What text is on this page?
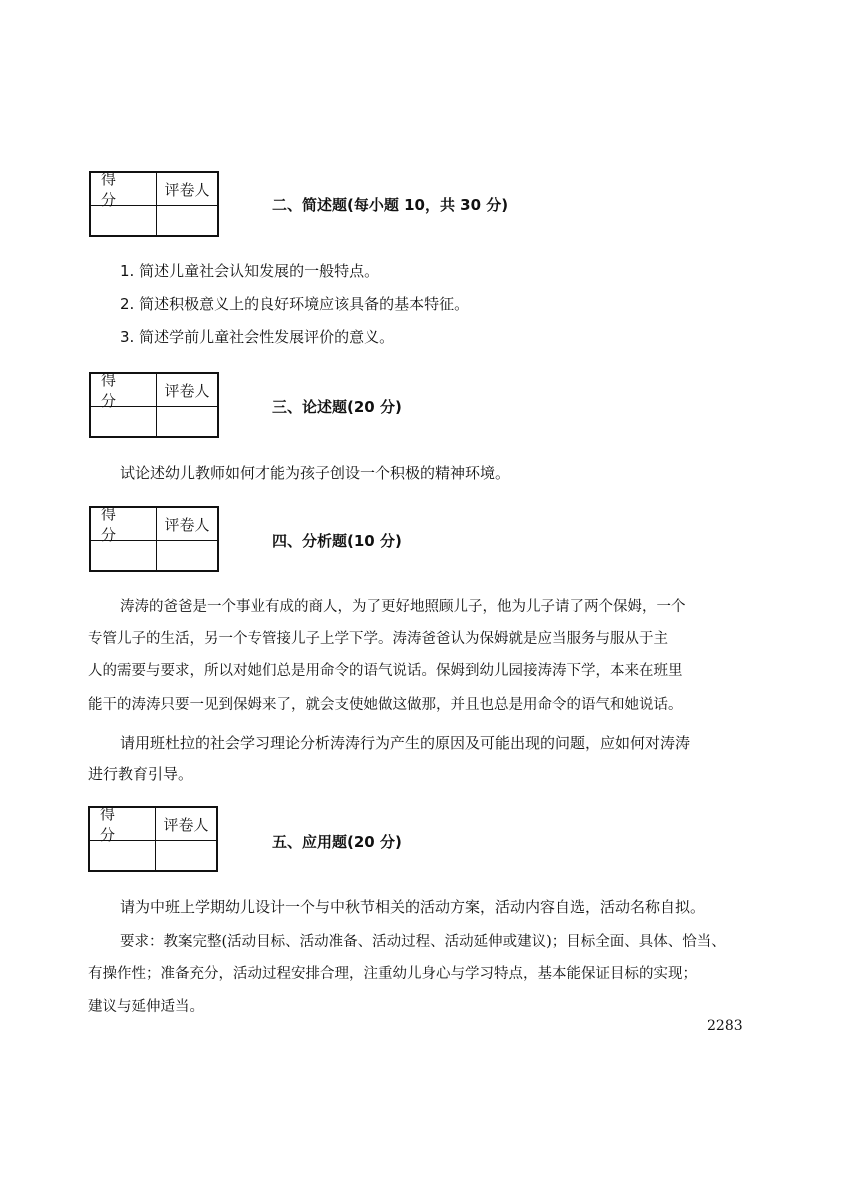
得分
评卷人
二、简述题(每小题 10，共 30 分)
1. 简述儿童社会认知发展的一般特点。
2. 简述积极意义上的良好环境应该具备的基本特征。
3. 简述学前儿童社会性发展评价的意义。
得分
评卷人
三、论述题(20 分)
试论述幼儿教师如何才能为孩子创设一个积极的精神环境。
得分
评卷人
四、分析题(10 分)
涛涛的爸爸是一个事业有成的商人，为了更好地照顾儿子，他为儿子请了两个保姆，一个
专管儿子的生活，另一个专管接儿子上学下学。涛涛爸爸认为保姆就是应当服务与服从于主
人的需要与要求，所以对她们总是用命令的语气说话。保姆到幼儿园接涛涛下学，本来在班里
能干的涛涛只要一见到保姆来了，就会支使她做这做那，并且也总是用命令的语气和她说话。
请用班杜拉的社会学习理论分析涛涛行为产生的原因及可能出现的问题，应如何对涛涛
进行教育引导。
得分
评卷人
五、应用题(20 分)
请为中班上学期幼儿设计一个与中秋节相关的活动方案，活动内容自选，活动名称自拟。
要求：教案完整(活动目标、活动准备、活动过程、活动延伸或建议)；目标全面、具体、恰当、
有操作性；准备充分，活动过程安排合理，注重幼儿身心与学习特点，基本能保证目标的实现；
建议与延伸适当。
2283
